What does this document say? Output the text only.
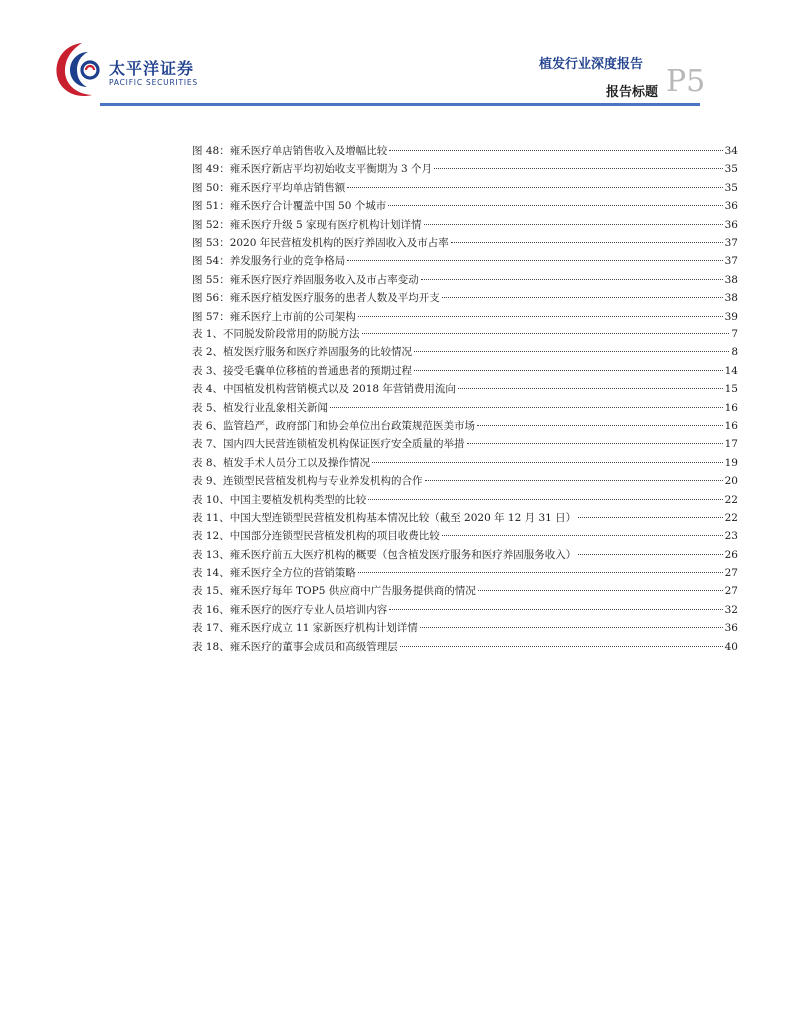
太平洋证券
PACIFIC SECURITIES
植发行业深度报告
报告标题 P5
图 48：雍禾医疗单店销售收入及增幅比较	34
图 49：雍禾医疗新店平均初始收支平衡期为 3 个月	35
图 50：雍禾医疗平均单店销售额	35
图 51：雍禾医疗合计覆盖中国 50 个城市	36
图 52：雍禾医疗升级 5 家现有医疗机构计划详情	36
图 53：2020 年民营植发机构的医疗养固收入及市占率	37
图 54：养发服务行业的竞争格局	37
图 55：雍禾医疗医疗养固服务收入及市占率变动	38
图 56：雍禾医疗植发医疗服务的患者人数及平均开支	38
图 57：雍禾医疗上市前的公司架构	39
表 1、不同脱发阶段常用的防脱方法	7
表 2、植发医疗服务和医疗养固服务的比较情况	8
表 3、接受毛囊单位移植的普通患者的预期过程	14
表 4、中国植发机构营销模式以及 2018 年营销费用流向	15
表 5、植发行业乱象相关新闻	16
表 6、监管趋严，政府部门和协会单位出台政策规范医美市场	16
表 7、国内四大民营连锁植发机构保证医疗安全质量的举措	17
表 8、植发手术人员分工以及操作情况	19
表 9、连锁型民营植发机构与专业养发机构的合作	20
表 10、中国主要植发机构类型的比较	22
表 11、中国大型连锁型民营植发机构基本情况比较（截至 2020 年 12 月 31 日）	22
表 12、中国部分连锁型民营植发机构的项目收费比较	23
表 13、雍禾医疗前五大医疗机构的概要（包含植发医疗服务和医疗养固服务收入）	26
表 14、雍禾医疗全方位的营销策略	27
表 15、雍禾医疗每年 TOP5 供应商中广告服务提供商的情况	27
表 16、雍禾医疗的医疗专业人员培训内容	32
表 17、雍禾医疗成立 11 家新医疗机构计划详情	36
表 18、雍禾医疗的董事会成员和高级管理层	40
